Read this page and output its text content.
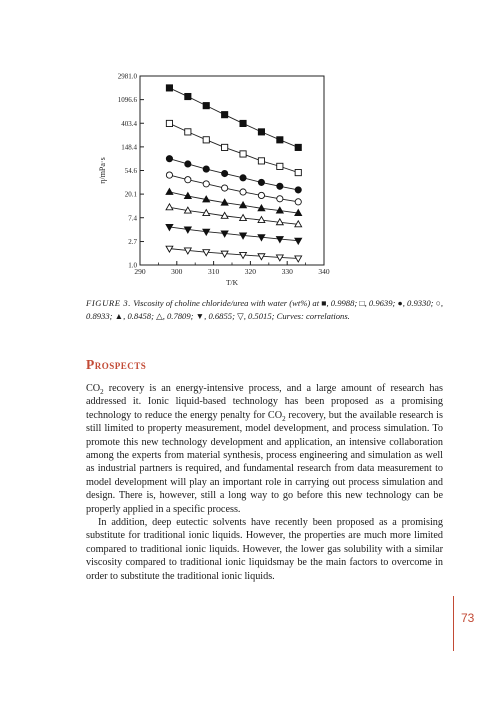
290	300	310	320	330	340
1.0
2.7
7.4
20.1
54.6
148.4
403.4
1096.6
2981.0
η/mPa·s
T/K

FIGURE 3. Viscosity of choline chloride/urea with water (wt%) at ■, 0.9988; □, 0.9639; ●, 0.9330; ○, 0.8933; ▲, 0.8458; △, 0.7809; ▼, 0.6855; ▽, 0.5015; Curves: correlations.

Prospects

$CO_2$ recovery is an energy-intensive process, and a large amount of research has addressed it. Ionic liquid-based technology has been proposed as a promising technology to reduce the energy penalty for $CO_2$ recovery, but the available research is still limited to property measurement, model development, and process simulation. To promote this new technology development and application, an intensive collaboration among the experts from material synthesis, process engineering and simulation as well as industrial partners is required, and fundamental research from data measurement to model development will play an important role in carrying out process simulation and design. There is, however, still a long way to go before this new technology can be properly applied in a specific process.

In addition, deep eutectic solvents have recently been proposed as a promising substitute for traditional ionic liquids. However, the properties are much more limited compared to traditional ionic liquids. However, the lower gas solubility with a similar viscosity compared to traditional ionic liquidsmay be the main factors to overcome in order to substitute the traditional ionic liquids.

73
